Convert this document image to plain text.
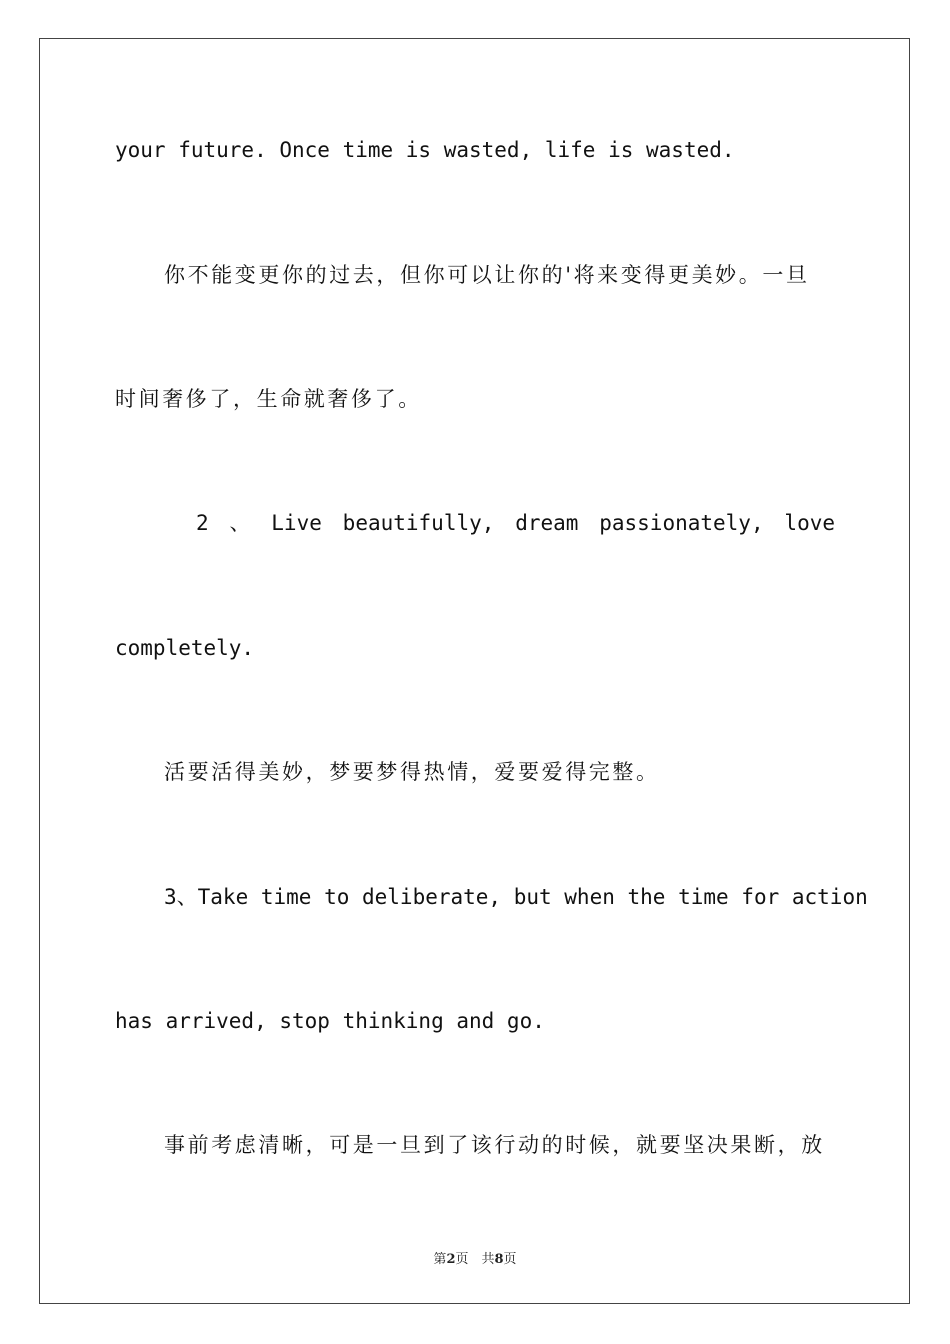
your future. Once time is wasted, life is wasted.
你不能变更你的过去，但你可以让你的'将来变得更美妙。一旦
时间奢侈了，生命就奢侈了。
2 、 Live beautifully, dream passionately, love
completely.
活要活得美妙，梦要梦得热情，爱要爱得完整。
3、Take time to deliberate, but when the time for action
has arrived, stop thinking and go.
事前考虑清晰，可是一旦到了该行动的时候，就要坚决果断，放
第2页　共8页
